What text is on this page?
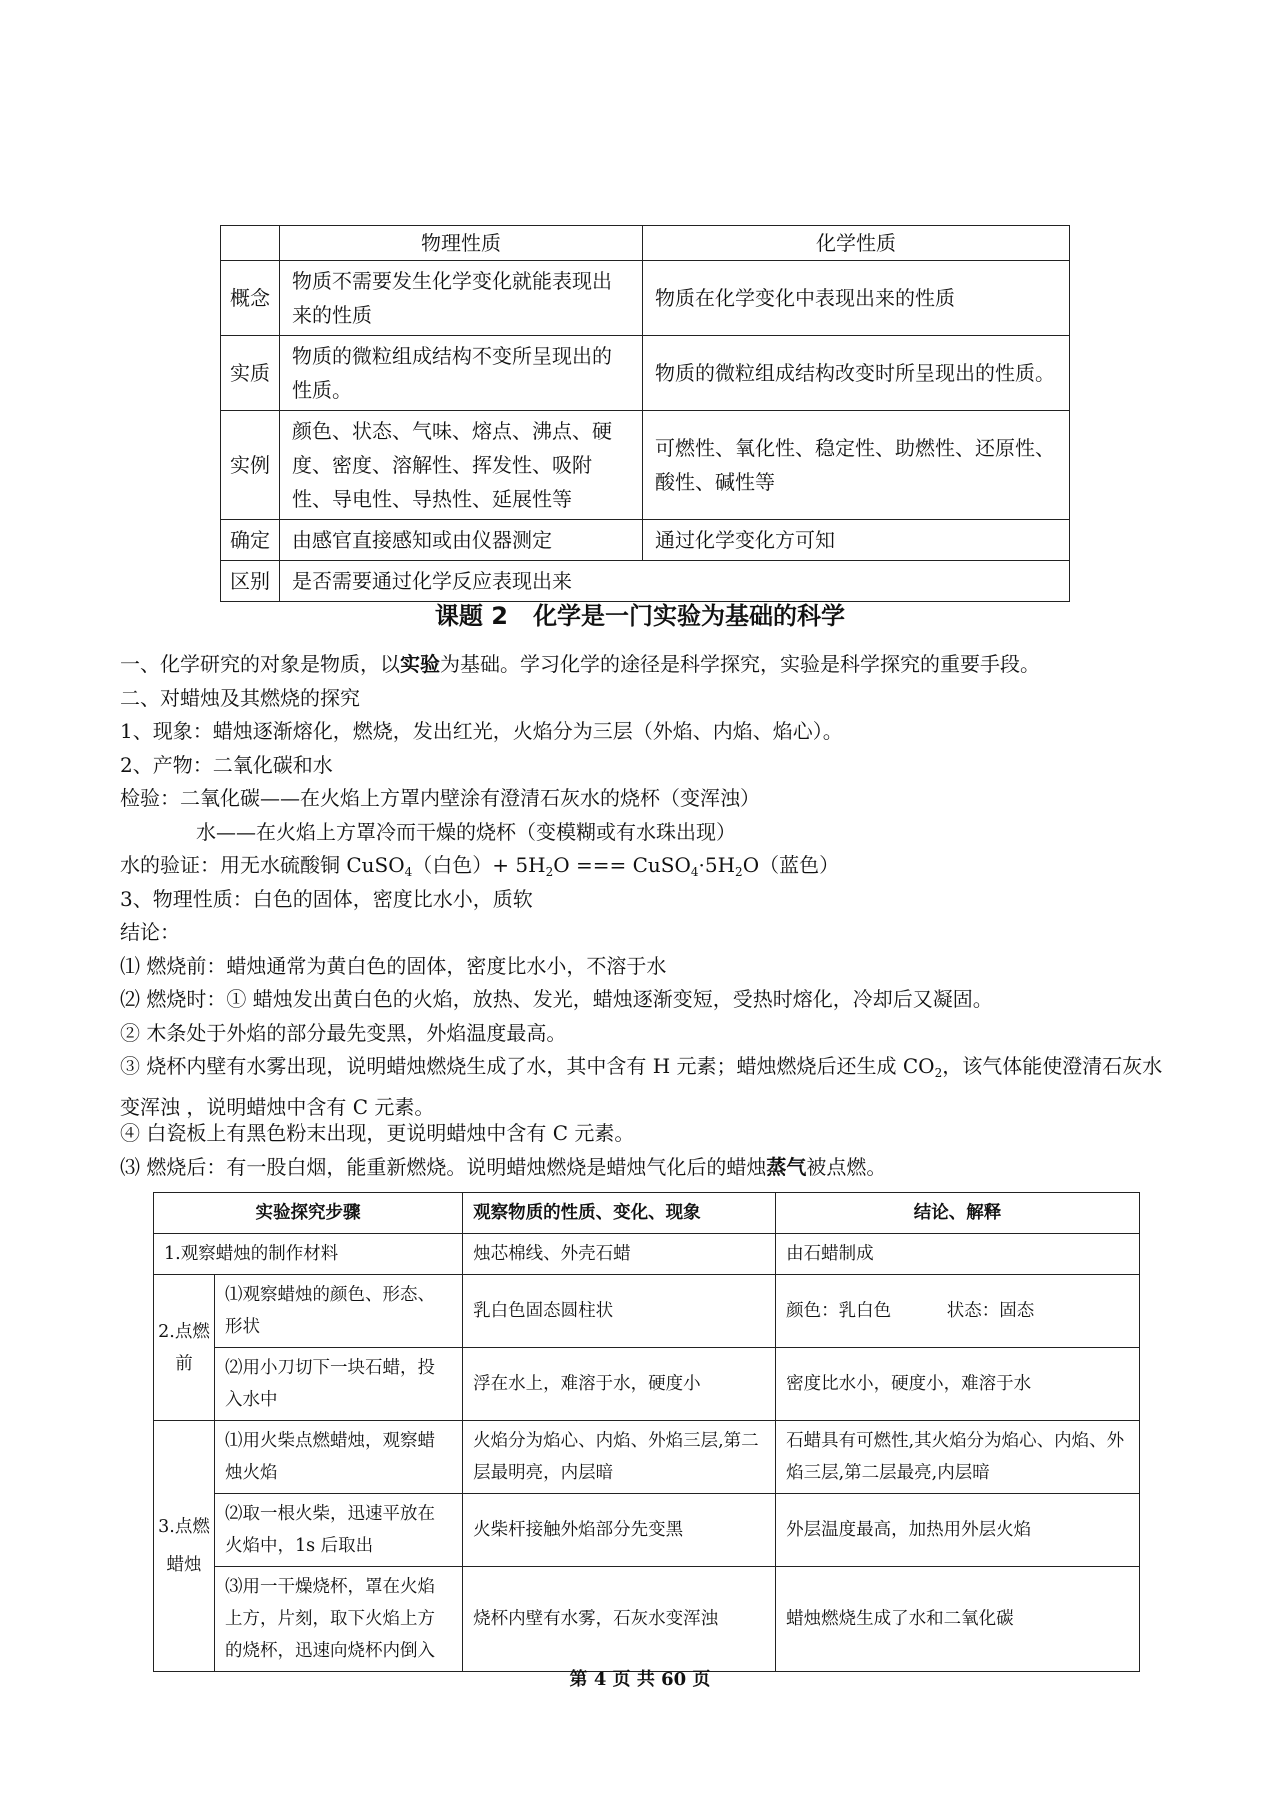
	物理性质	化学性质
概念	物质不需要发生化学变化就能表现出来的性质	物质在化学变化中表现出来的性质
实质	物质的微粒组成结构不变所呈现出的性质。	物质的微粒组成结构改变时所呈现出的性质。
实例	颜色、状态、气味、熔点、沸点、硬度、密度、溶解性、挥发性、吸附性、导电性、导热性、延展性等	可燃性、氧化性、稳定性、助燃性、还原性、酸性、碱性等
确定	由感官直接感知或由仪器测定	通过化学变化方可知
区别	是否需要通过化学反应表现出来	
课题 2 化学是一门实验为基础的科学
一、化学研究的对象是物质，以实验为基础。学习化学的途径是科学探究，实验是科学探究的重要手段。
二、对蜡烛及其燃烧的探究
1、现象：蜡烛逐渐熔化，燃烧，发出红光，火焰分为三层（外焰、内焰、焰心）。
2、产物：二氧化碳和水
检验：二氧化碳——在火焰上方罩内壁涂有澄清石灰水的烧杯（变浑浊）
水——在火焰上方罩冷而干燥的烧杯（变模糊或有水珠出现）
水的验证：用无水硫酸铜 CuSO$_4$（白色）+ $5H_2O$ === $CuSO_4\cdot 5H_2O$（蓝色）
3、物理性质：白色的固体，密度比水小，质软
结论：
⑴ 燃烧前：蜡烛通常为黄白色的固体，密度比水小，不溶于水
⑵ 燃烧时：① 蜡烛发出黄白色的火焰，放热、发光，蜡烛逐渐变短，受热时熔化，冷却后又凝固。
② 木条处于外焰的部分最先变黑，外焰温度最高。
③ 烧杯内壁有水雾出现，说明蜡烛燃烧生成了水，其中含有 H 元素；蜡烛燃烧后还生成 $CO_2$，该气体能使澄清石灰水变浑浊 ，说明蜡烛中含有 C 元素。
④ 白瓷板上有黑色粉末出现，更说明蜡烛中含有 C 元素。
⑶ 燃烧后：有一股白烟，能重新燃烧。说明蜡烛燃烧是蜡烛气化后的蜡烛蒸气被点燃。
实验探究步骤		观察物质的性质、变化、现象	结论、解释
1.观察蜡烛的制作材料		烛芯棉线、外壳石蜡	由石蜡制成
2.点燃前	⑴观察蜡烛的颜色、形态、形状	乳白色固态圆柱状	颜色：乳白色          状态：固态
	⑵用小刀切下一块石蜡，投入水中	浮在水上，难溶于水，硬度小	密度比水小，硬度小，难溶于水
3.点燃蜡烛	⑴用火柴点燃蜡烛，观察蜡烛火焰	火焰分为焰心、内焰、外焰三层,第二层最明亮，内层暗	石蜡具有可燃性,其火焰分为焰心、内焰、外焰三层,第二层最亮,内层暗
	⑵取一根火柴，迅速平放在火焰中，1s 后取出	火柴杆接触外焰部分先变黑	外层温度最高，加热用外层火焰
	⑶用一干燥烧杯，罩在火焰上方，片刻，取下火焰上方的烧杯，迅速向烧杯内倒入	烧杯内壁有水雾，石灰水变浑浊	蜡烛燃烧生成了水和二氧化碳
第 4 页 共 60 页
